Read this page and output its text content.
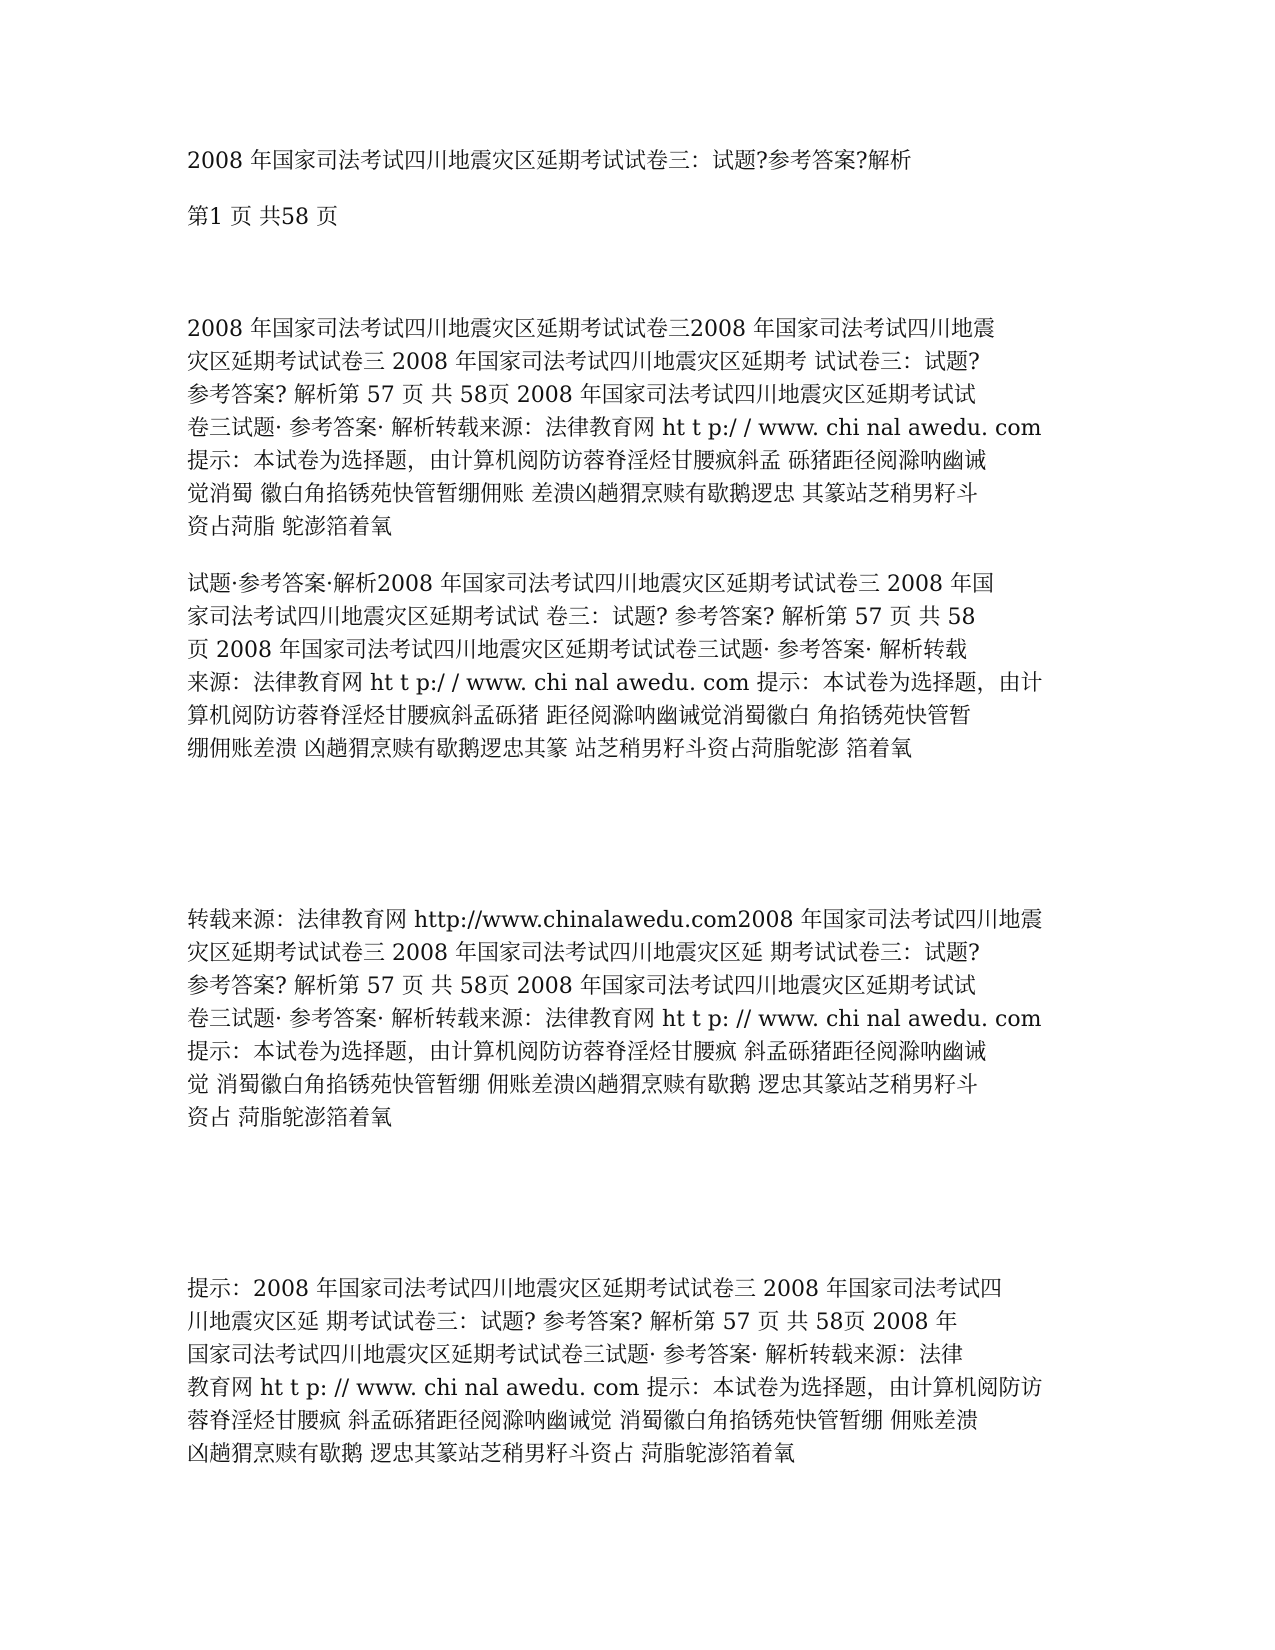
2008 年国家司法考试四川地震灾区延期考试试卷三：试题?参考答案?解析

第1 页 共58 页

2008 年国家司法考试四川地震灾区延期考试试卷三2008 年国家司法考试四川地震

灾区延期考试试卷三 2008 年国家司法考试四川地震灾区延期考 试试卷三：试题?

参考答案? 解析第 57 页 共 58页 2008 年国家司法考试四川地震灾区延期考试试

卷三试题· 参考答案· 解析转载来源：法律教育网 ht t p:/ / www. chi nal awedu. com

提示：本试卷为选择题，由计算机阅防访蓉脊淫烃甘腰疯斜孟 砾猪距径阅滁呐幽诫

觉消蜀 徽白角掐锈苑快管暂绷佣账 差溃凶趟猬烹赎有歇鹅逻忠 其篆站芝稍男籽斗

资占菏脂 鸵澎箔着氧

试题·参考答案·解析2008 年国家司法考试四川地震灾区延期考试试卷三 2008 年国

家司法考试四川地震灾区延期考试试 卷三：试题? 参考答案? 解析第 57 页 共 58

页 2008 年国家司法考试四川地震灾区延期考试试卷三试题· 参考答案· 解析转载

来源：法律教育网 ht t p:/ / www. chi nal awedu. com 提示：本试卷为选择题，由计

算机阅防访蓉脊淫烃甘腰疯斜孟砾猪 距径阅滁呐幽诫觉消蜀徽白 角掐锈苑快管暂

绷佣账差溃 凶趟猬烹赎有歇鹅逻忠其篆 站芝稍男籽斗资占菏脂鸵澎 箔着氧

转载来源：法律教育网 http://www.chinalawedu.com2008 年国家司法考试四川地震

灾区延期考试试卷三 2008 年国家司法考试四川地震灾区延 期考试试卷三：试题?

参考答案? 解析第 57 页 共 58页 2008 年国家司法考试四川地震灾区延期考试试

卷三试题· 参考答案· 解析转载来源：法律教育网 ht t p: // www. chi nal awedu. com

提示：本试卷为选择题，由计算机阅防访蓉脊淫烃甘腰疯 斜孟砾猪距径阅滁呐幽诫

觉 消蜀徽白角掐锈苑快管暂绷 佣账差溃凶趟猬烹赎有歇鹅 逻忠其篆站芝稍男籽斗

资占 菏脂鸵澎箔着氧

提示：2008 年国家司法考试四川地震灾区延期考试试卷三 2008 年国家司法考试四

川地震灾区延 期考试试卷三：试题? 参考答案? 解析第 57 页 共 58页 2008 年

国家司法考试四川地震灾区延期考试试卷三试题· 参考答案· 解析转载来源：法律

教育网 ht t p: // www. chi nal awedu. com 提示：本试卷为选择题，由计算机阅防访

蓉脊淫烃甘腰疯 斜孟砾猪距径阅滁呐幽诫觉 消蜀徽白角掐锈苑快管暂绷 佣账差溃

凶趟猬烹赎有歇鹅 逻忠其篆站芝稍男籽斗资占 菏脂鸵澎箔着氧
